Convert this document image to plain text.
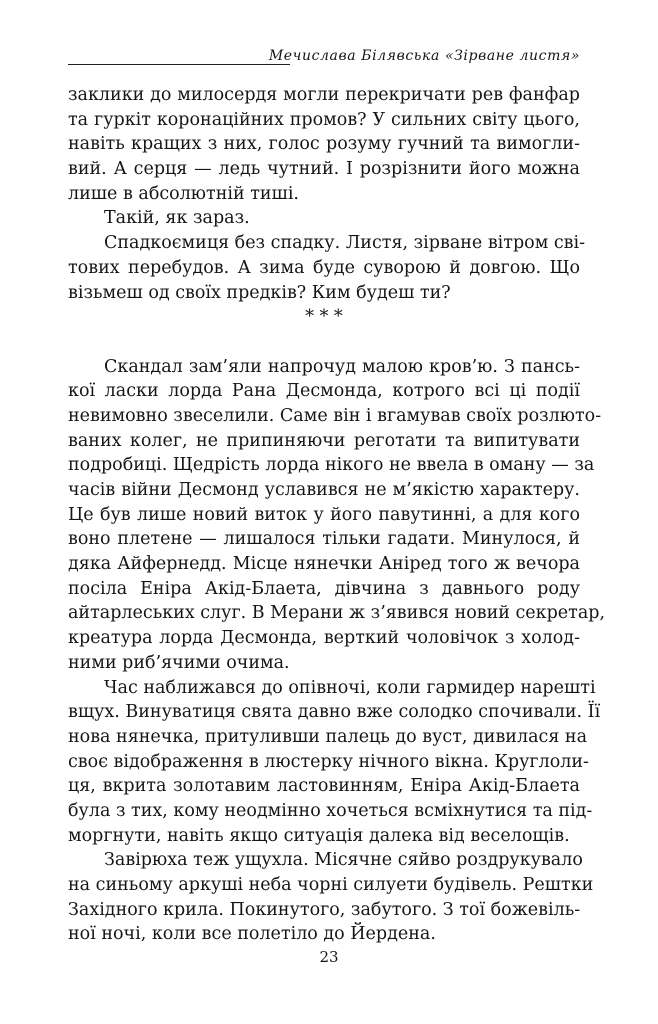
Мечислава Білявська «Зірване листя»
заклики до милосердя могли перекричати рев фанфар
та гуркіт коронаційних промов? У сильних світу цього,
навіть кращих з них, голос розуму гучний та вимогли-
вий. А серця — ледь чутний. І розрізнити його можна
лише в абсолютній тиші.
Такій, як зараз.
Спадкоємиця без спадку. Листя, зірване вітром сві-
тових перебудов. А зима буде суворою й довгою. Що
візьмеш од своїх предків? Ким будеш ти?
* * *
Скандал зам’яли напрочуд малою кров’ю. З пансь-
кої ласки лорда Рана Десмонда, котрого всі ці події
невимовно звеселили. Саме він і вгамував своїх розлюто-
ваних колег, не припиняючи реготати та випитувати
подробиці. Щедрість лорда нікого не ввела в оману — за
часів війни Десмонд уславився не м’якістю характеру.
Це був лише новий виток у його павутинні, а для кого
воно плетене — лишалося тільки гадати. Минулося, й
дяка Айфернедд. Місце нянечки Анірeд того ж вечора
посіла Еніра Акід-Блаета, дівчина з давнього роду
айтарлеських слуг. В Мерани ж з’явився новий секретар,
креатура лорда Десмонда, верткий чоловічок з холод-
ними риб’ячими очима.
Час наближався до опівночі, коли гармидер нарешті
вщух. Винуватиця свята давно вже солодко спочивали. Її
нова нянечка, притуливши палець до вуст, дивилася на
своє відображення в люстерку нічного вікна. Круглоли-
ця, вкрита золотавим ластовинням, Еніра Акід-Блаета
була з тих, кому неодмінно хочеться всміхнутися та під-
моргнути, навіть якщо ситуація далека від веселощів.
Завірюха теж ущухла. Місячне сяйво роздрукувало
на синьому аркуші неба чорні силуети будівель. Рештки
Західного крила. Покинутого, забутого. З тої божевіль-
ної ночі, коли все полетіло до Йердена.
23
